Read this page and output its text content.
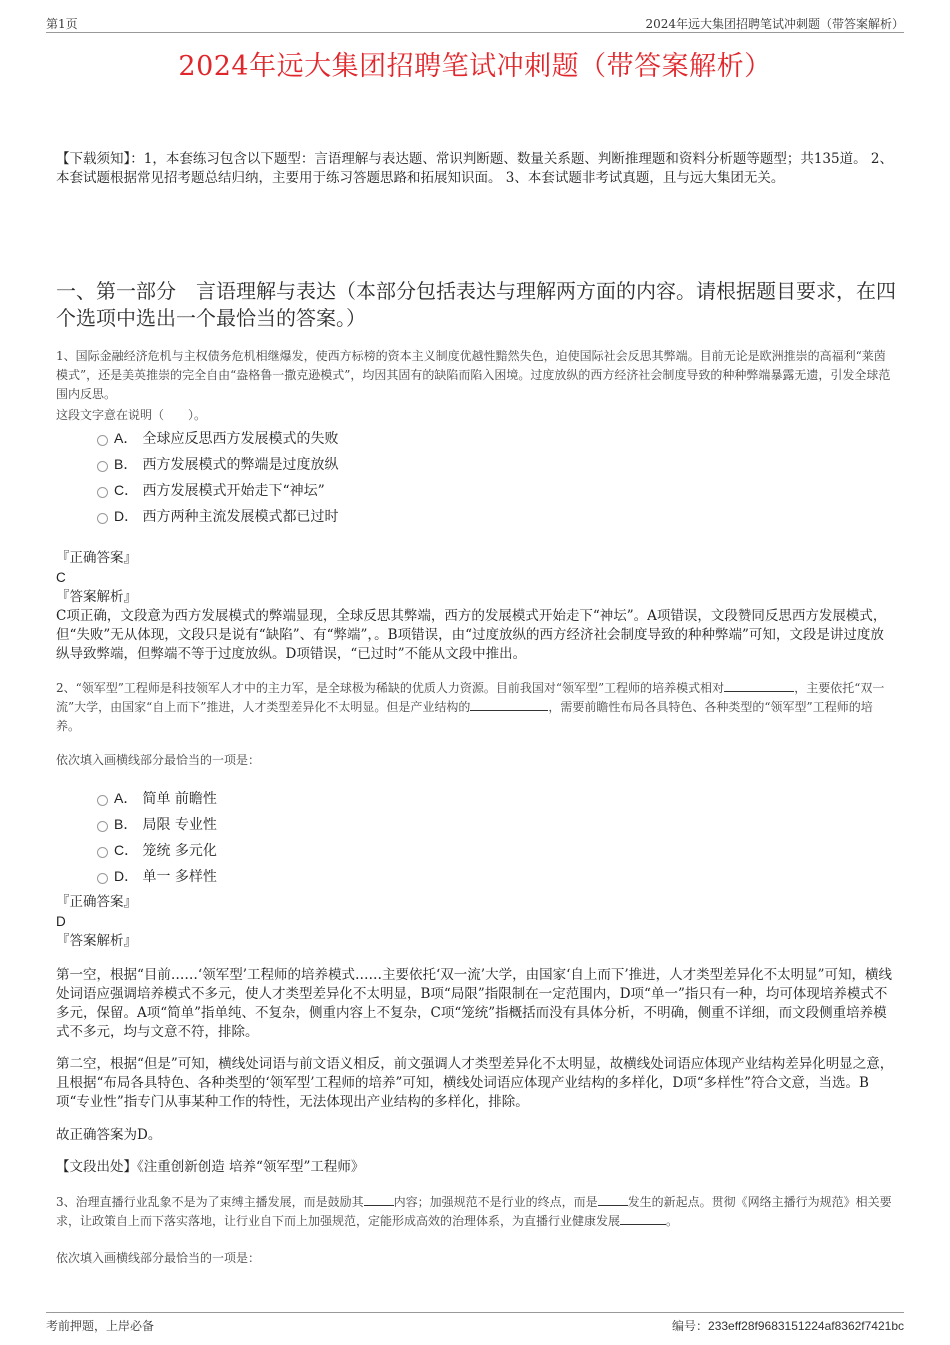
第1页	2024年远大集团招聘笔试冲刺题（带答案解析）
2024年远大集团招聘笔试冲刺题（带答案解析）
【下载须知】：1，本套练习包含以下题型：言语理解与表达题、常识判断题、数量关系题、判断推理题和资料分析题等题型；共135道。 2、本套试题根据常见招考题总结归纳，主要用于练习答题思路和拓展知识面。 3、本套试题非考试真题，且与远大集团无关。
一、第一部分　言语理解与表达（本部分包括表达与理解两方面的内容。请根据题目要求，在四个选项中选出一个最恰当的答案。）
1、国际金融经济危机与主权债务危机相继爆发，使西方标榜的资本主义制度优越性黯然失色，迫使国际社会反思其弊端。目前无论是欧洲推崇的高福利“莱茵模式”，还是美英推崇的完全自由“盎格鲁一撒克逊模式”，均因其固有的缺陷而陷入困境。过度放纵的西方经济社会制度导致的种种弊端暴露无遗，引发全球范围内反思。
这段文字意在说明（　　）。
A． 全球应反思西方发展模式的失败
B． 西方发展模式的弊端是过度放纵
C． 西方发展模式开始走下“神坛”
D． 西方两种主流发展模式都已过时
『正确答案』
C
『答案解析』
C项正确，文段意为西方发展模式的弊端显现，全球反思其弊端，西方的发展模式开始走下“神坛”。A项错误，文段赞同反思西方发展模式，但“失败”无从体现，文段只是说有“缺陷”、有“弊端”，。B项错误，由“过度放纵的西方经济社会制度导致的种种弊端”可知，文段是讲过度放纵导致弊端，但弊端不等于过度放纵。D项错误，“已过时”不能从文段中推出。
2、“领军型”工程师是科技领军人才中的主力军，是全球极为稀缺的优质人力资源。目前我国对“领军型”工程师的培养模式相对	，主要依托“双一流”大学，由国家“自上而下”推进，人才类型差异化不太明显。但是产业结构的	，需要前瞻性布局各具特色、各种类型的“领军型”工程师的培养。
依次填入画横线部分最恰当的一项是：
A． 简单 前瞻性
B． 局限 专业性
C． 笼统 多元化
D． 单一 多样性
『正确答案』
D
『答案解析』
第一空，根据“目前……‘领军型’工程师的培养模式……主要依托‘双一流’大学，由国家‘自上而下’推进，人才类型差异化不太明显”可知，横线处词语应强调培养模式不多元，使人才类型差异化不太明显，B项“局限”指限制在一定范围内，D项“单一”指只有一种，均可体现培养模式不多元，保留。A项“简单”指单纯、不复杂，侧重内容上不复杂，C项“笼统”指概括而没有具体分析，不明确，侧重不详细，而文段侧重培养模式不多元，均与文意不符，排除。
第二空，根据“但是”可知，横线处词语与前文语义相反，前文强调人才类型差异化不太明显，故横线处词语应体现产业结构差异化明显之意，且根据“布局各具特色、各种类型的‘领军型’工程师的培养”可知，横线处词语应体现产业结构的多样化，D项“多样性”符合文意，当选。B项“专业性”指专门从事某种工作的特性，无法体现出产业结构的多样化，排除。
故正确答案为D。
【文段出处】《注重创新创造 培养“领军型”工程师》
3、治理直播行业乱象不是为了束缚主播发展，而是鼓励其	内容；加强规范不是行业的终点，而是	发生的新起点。贯彻《网络主播行为规范》相关要求，让政策自上而下落实落地，让行业自下而上加强规范，定能形成高效的治理体系，为直播行业健康发展	。
依次填入画横线部分最恰当的一项是：
考前押题，上岸必备	编号：233eff28f9683151224af8362f7421bc
